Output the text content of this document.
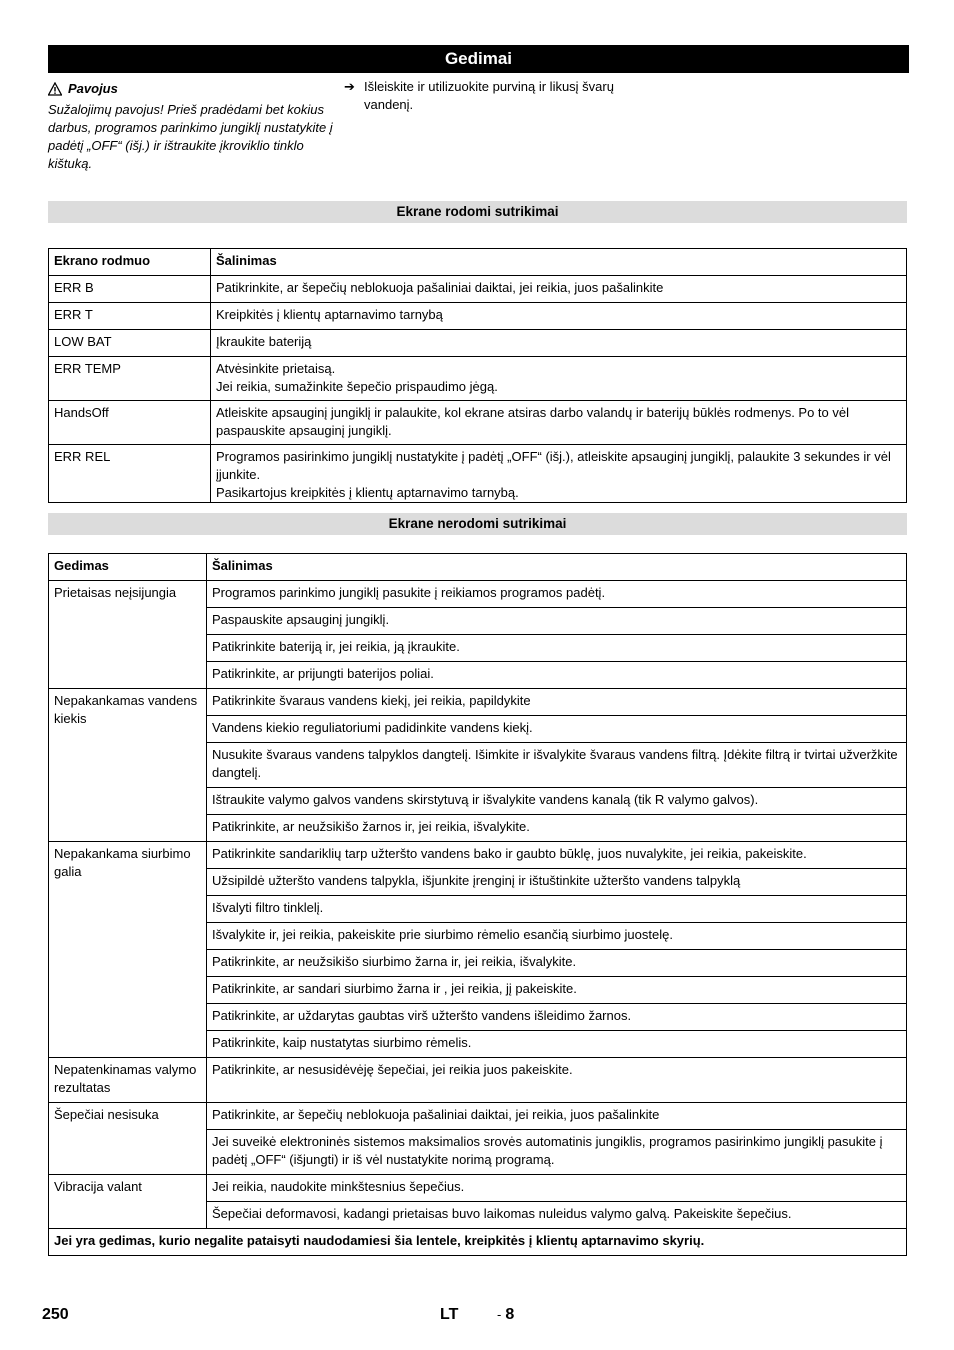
Gedimai
Pavojus
Sužalojimų pavojus! Prieš pradėdami bet kokius darbus, programos parinkimo jungiklį nustatykite į padėtį „OFF“ (išj.) ir ištraukite įkroviklio tinklo kištuką.
➔ Išleiskite ir utilizuokite purviną ir likusį švarų vandenį.
Ekrane rodomi sutrikimai
Ekrano rodmuo	Šalinimas
ERR B	Patikrinkite, ar šepečių neblokuoja pašaliniai daiktai, jei reikia, juos pašalinkite

ERR T	Kreipkitės į klientų aptarnavimo tarnybą

LOW BAT	Įkraukite bateriją

ERR TEMP	Atvėsinkite prietaisą.
Jei reikia, sumažinkite šepečio prispaudimo jėgą.

HandsOff	Atleiskite apsauginį jungiklį ir palaukite, kol ekrane atsiras darbo valandų ir baterijų būklės rodmenys. Po to vėl paspauskite apsauginį jungiklį.

ERR REL	Programos pasirinkimo jungiklį nustatykite į padėtį „OFF“ (išj.), atleiskite apsauginį jungiklį, palaukite 3 sekundes ir vėl įjunkite.
Pasikartojus kreipkitės į klientų aptarnavimo tarnybą.
Ekrane nerodomi sutrikimai
Gedimas	Šalinimas
Prietaisas neįsijungia	Programos parinkimo jungiklį pasukite į reikiamos programos padėtį.
	Paspauskite apsauginį jungiklį.
	Patikrinkite bateriją ir, jei reikia, ją įkraukite.
	Patikrinkite, ar prijungti baterijos poliai.
Nepakankamas vandens kiekis	Patikrinkite švaraus vandens kiekį, jei reikia, papildykite
	Vandens kiekio reguliatoriumi padidinkite vandens kiekį.
	Nusukite švaraus vandens talpyklos dangtelį. Išimkite ir išvalykite švaraus vandens filtrą. Įdėkite filtrą ir tvirtai užveržkite dangtelį.
	Ištraukite valymo galvos vandens skirstytuvą ir išvalykite vandens kanalą (tik R valymo galvos).
	Patikrinkite, ar neužsikišo žarnos ir, jei reikia, išvalykite.
Nepakankama siurbimo galia	Patikrinkite sandariklių tarp užteršto vandens bako ir gaubto būklę, juos nuvalykite, jei reikia, pakeiskite.
	Užsipildė užteršto vandens talpykla, išjunkite įrenginį ir ištuštinkite užteršto vandens talpyklą
	Išvalyti filtro tinklelį.
	Išvalykite ir, jei reikia, pakeiskite prie siurbimo rėmelio esančią siurbimo juostelę.
	Patikrinkite, ar neužsikišo siurbimo žarna ir, jei reikia, išvalykite.
	Patikrinkite, ar sandari siurbimo žarna ir , jei reikia, jį pakeiskite.
	Patikrinkite, ar uždarytas gaubtas virš užteršto vandens išleidimo žarnos.
	Patikrinkite, kaip nustatytas siurbimo rėmelis.
Nepatenkinamas valymo rezultatas	Patikrinkite, ar nesusidėvėję šepečiai, jei reikia juos pakeiskite.
Šepečiai nesisuka	Patikrinkite, ar šepečių neblokuoja pašaliniai daiktai, jei reikia, juos pašalinkite
	Jei suveikė elektroninės sistemos maksimalios srovės automatinis jungiklis, programos pasirinkimo jungiklį pasukite į padėtį „OFF“ (išjungti) ir iš vėl nustatykite norimą programą.
Vibracija valant	Jei reikia, naudokite minkštesnius šepečius.
	Šepečiai deformavosi, kadangi prietaisas buvo laikomas nuleidus valymo galvą. Pakeiskite šepečius.
Jei yra gedimas, kurio negalite pataisyti naudodamiesi šia lentele, kreipkitės į klientų aptarnavimo skyrių.	
250	LT	- 8
